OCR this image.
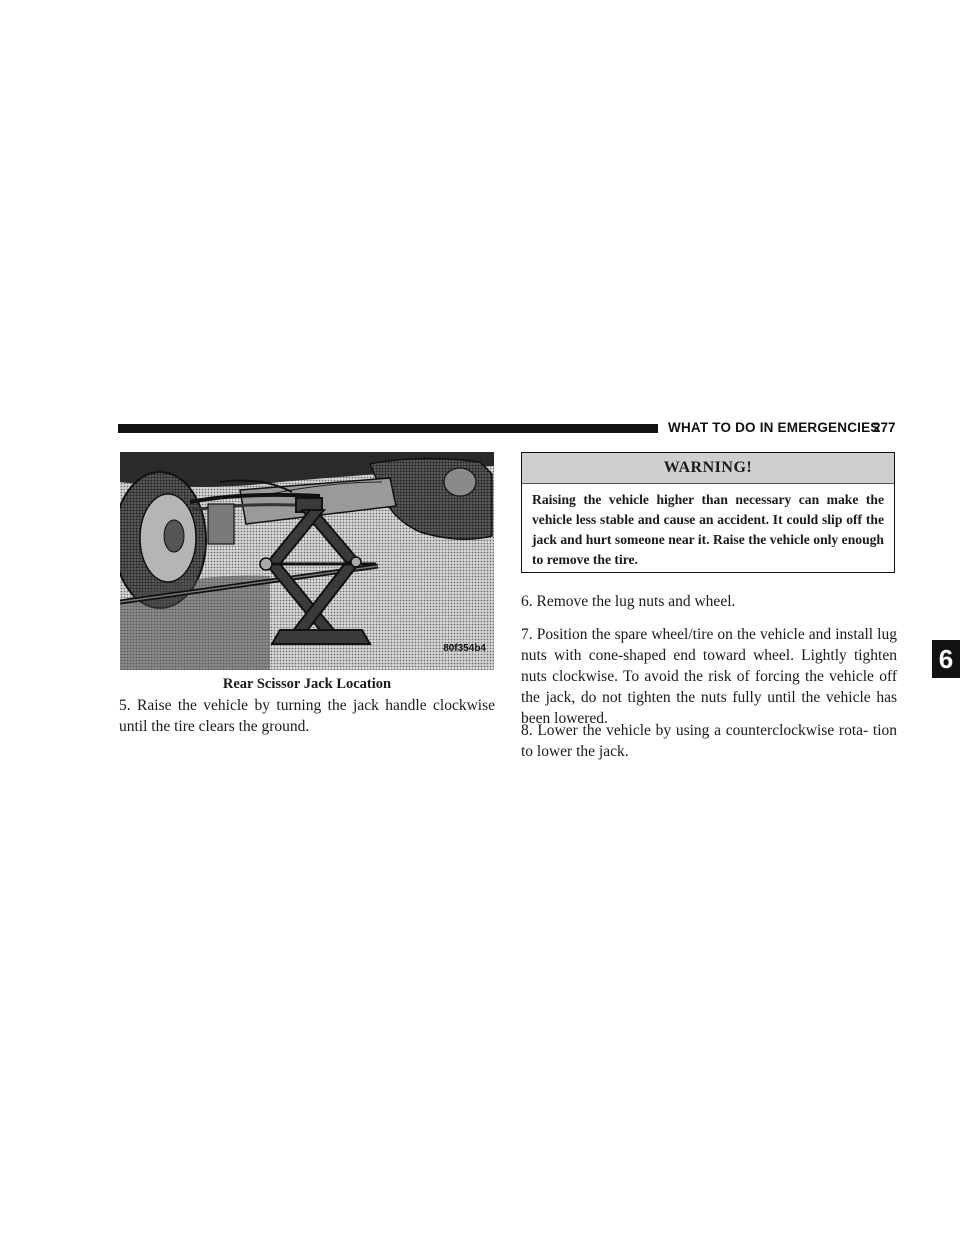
WHAT TO DO IN EMERGENCIES
277
6
80f354b4
Rear Scissor Jack Location
5. Raise the vehicle by turning the jack handle clockwise until the tire clears the ground.
WARNING!
Raising the vehicle higher than necessary can make the vehicle less stable and cause an accident. It could slip off the jack and hurt someone near it. Raise the vehicle only enough to remove the tire.
6. Remove the lug nuts and wheel.
7. Position the spare wheel/tire on the vehicle and install lug nuts with cone-shaped end toward wheel. Lightly tighten nuts clockwise. To avoid the risk of forcing the vehicle off the jack, do not tighten the nuts fully until the vehicle has been lowered.
8. Lower the vehicle by using a counterclockwise rota- tion to lower the jack.
